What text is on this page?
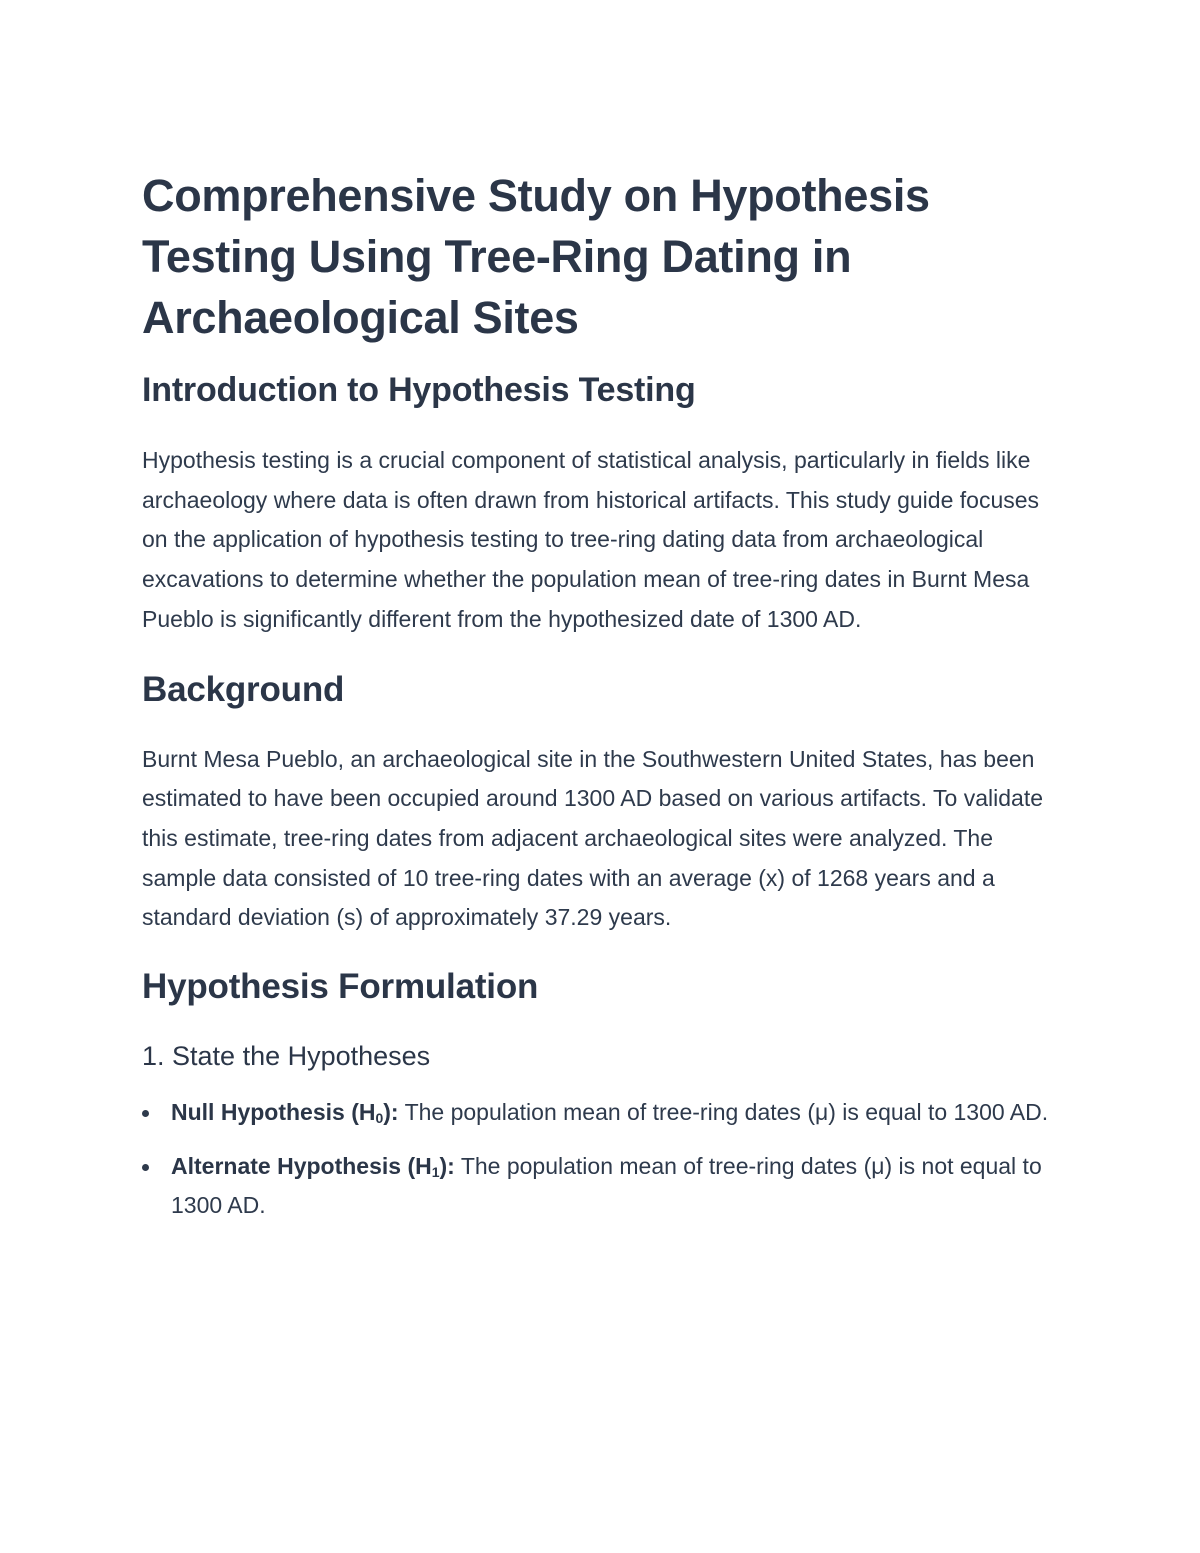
Comprehensive Study on Hypothesis Testing Using Tree-Ring Dating in Archaeological Sites
Introduction to Hypothesis Testing

Hypothesis testing is a crucial component of statistical analysis, particularly in fields like archaeology where data is often drawn from historical artifacts. This study guide focuses on the application of hypothesis testing to tree-ring dating data from archaeological excavations to determine whether the population mean of tree-ring dates in Burnt Mesa Pueblo is significantly different from the hypothesized date of 1300 AD.

Background

Burnt Mesa Pueblo, an archaeological site in the Southwestern United States, has been estimated to have been occupied around 1300 AD based on various artifacts. To validate this estimate, tree-ring dates from adjacent archaeological sites were analyzed. The sample data consisted of 10 tree-ring dates with an average (x) of 1268 years and a standard deviation (s) of approximately 37.29 years.

Hypothesis Formulation
1. State the Hypotheses
Null Hypothesis $(H_0)$: The population mean of tree-ring dates (μ) is equal to 1300 AD.
Alternate Hypothesis $(H_1)$: The population mean of tree-ring dates (μ) is not equal to 1300 AD.
